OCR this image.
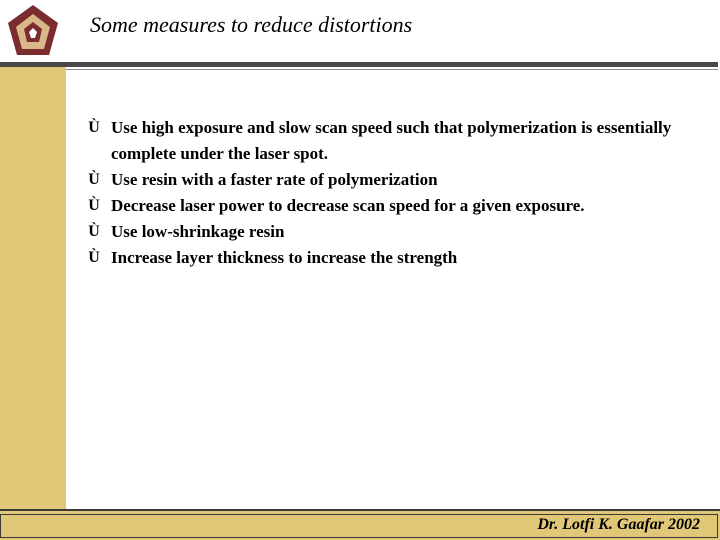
Some measures to reduce distortions
Ù Use high exposure and slow scan speed such that polymerization is essentially complete under the laser spot.
Ù Use resin with a faster rate of polymerization
Ù Decrease laser power to decrease scan speed for a given exposure.
Ù Use low-shrinkage resin
Ù Increase layer thickness to increase the strength
Dr. Lotfi K. Gaafar 2002
